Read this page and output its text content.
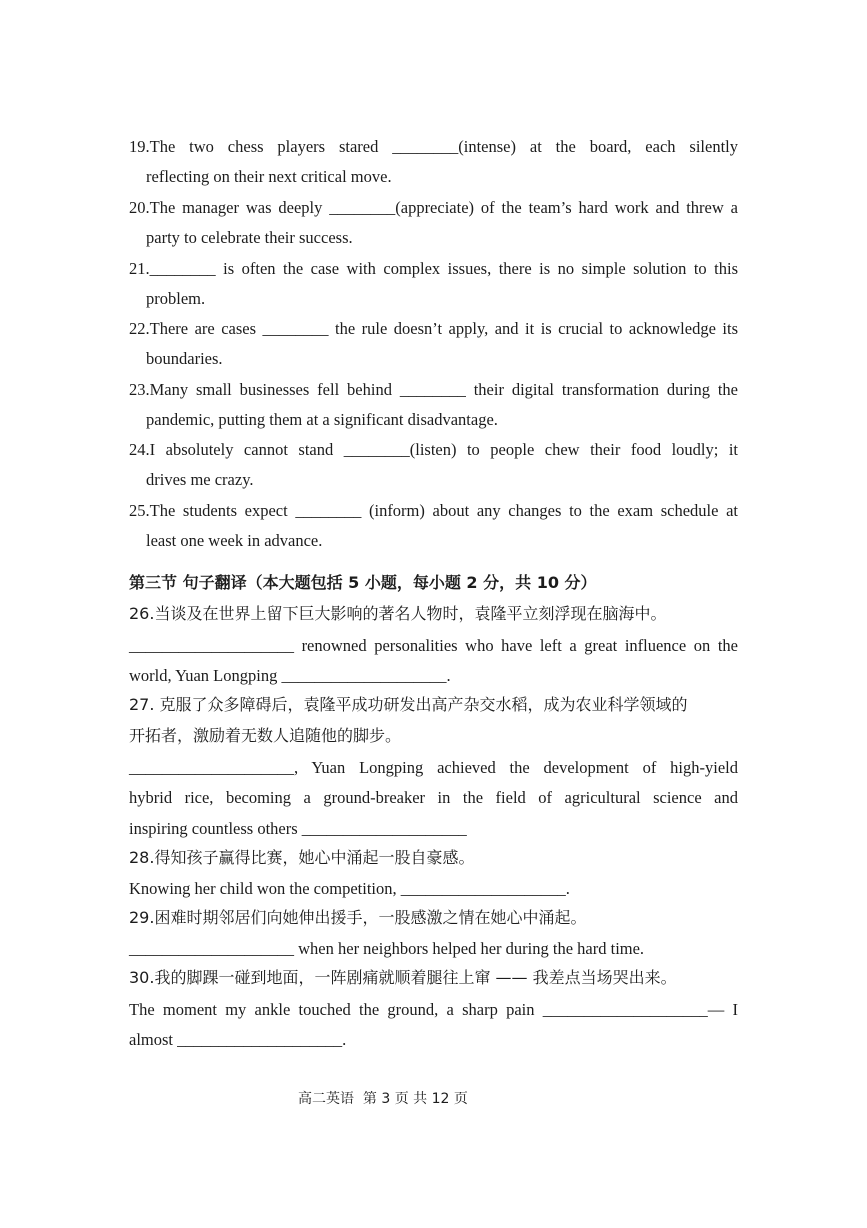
19.The two chess players stared ________(intense) at the board, each silently
reflecting on their next critical move.
20.The manager was deeply ________(appreciate) of the team’s hard work and threw a
party to celebrate their success.
21.________ is often the case with complex issues, there is no simple solution to this
problem.
22.There are cases ________ the rule doesn’t apply, and it is crucial to acknowledge its
boundaries.
23.Many small businesses fell behind ________ their digital transformation during the
pandemic, putting them at a significant disadvantage.
24.I absolutely cannot stand ________(listen) to people chew their food loudly; it
drives me crazy.
25.The students expect ________ (inform) about any changes to the exam schedule at
least one week in advance.
第三节 句子翻译（本大题包括 5 小题，每小题 2 分，共 10 分）
26.当谈及在世界上留下巨大影响的著名人物时，袁隆平立刻浮现在脑海中。
____________________ renowned personalities who have left a great influence on the
world, Yuan Longping ____________________.
27. 克服了众多障碍后，袁隆平成功研发出高产杂交水稻，成为农业科学领域的
开拓者，激励着无数人追随他的脚步。
____________________, Yuan Longping achieved the development of high-yield
hybrid rice, becoming a ground-breaker in the field of agricultural science and
inspiring countless others ____________________
28.得知孩子赢得比赛，她心中涌起一股自豪感。
Knowing her child won the competition, ____________________.
29.困难时期邻居们向她伸出援手，一股感激之情在她心中涌起。
____________________ when her neighbors helped her during the hard time.
30.我的脚踝一碰到地面，一阵剧痛就顺着腿往上窜 —— 我差点当场哭出来。
The moment my ankle touched the ground, a sharp pain ____________________— I
almost ____________________.
高二英语  第 3 页 共 12 页
